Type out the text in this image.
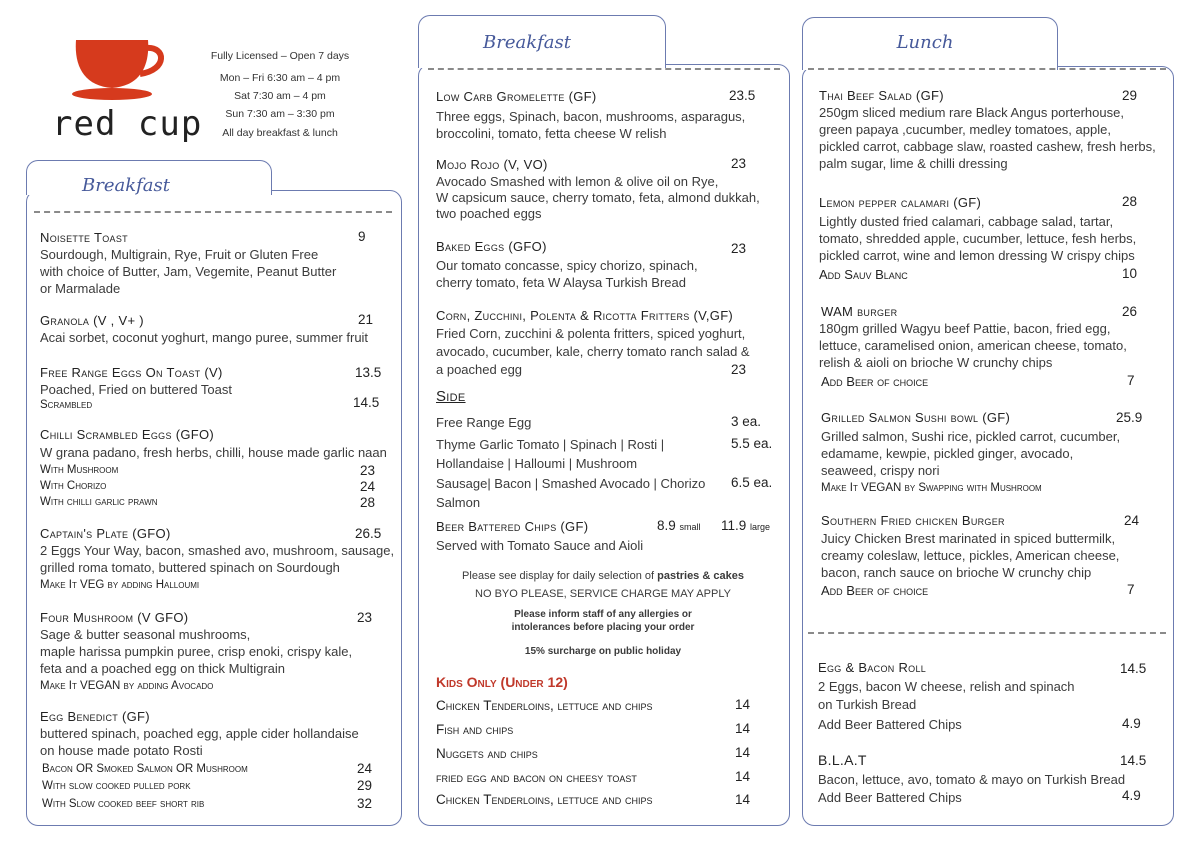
red cup
Fully Licensed – Open 7 days
Mon – Fri 6:30 am – 4 pm
Sat 7:30 am – 4 pm
Sun 7:30 am – 3:30 pm
All day breakfast & lunch
Breakfast
Noisette Toast	9
Sourdough, Multigrain, Rye, Fruit or Gluten Free
with choice of Butter, Jam, Vegemite, Peanut Butter
or Marmalade
Granola (V , V+ )	21
Acai sorbet, coconut yoghurt, mango puree, summer fruit
Free Range Eggs On Toast (V)	13.5
Poached, Fried on buttered Toast
Scrambled	14.5
Chilli Scrambled Eggs (GFO)
W grana padano, fresh herbs, chilli, house made garlic naan
With Mushroom	23
With Chorizo	24
With chilli garlic prawn	28
Captain's Plate (GFO)	26.5
2 Eggs Your Way, bacon, smashed avo, mushroom, sausage,
grilled roma tomato, buttered spinach on Sourdough
Make It VEG by adding Halloumi
Four Mushroom (V GFO)	23
Sage & butter seasonal mushrooms,
maple harissa pumpkin puree, crisp enoki, crispy kale,
feta and a poached egg on thick Multigrain
Make It VEGAN by adding Avocado
Egg Benedict (GF)
buttered spinach, poached egg, apple cider hollandaise
on house made potato Rosti
Bacon OR Smoked Salmon OR Mushroom	24
With slow cooked pulled pork	29
With Slow cooked beef short rib	32
Breakfast
Low Carb Gromelette (GF)	23.5
Three eggs, Spinach, bacon, mushrooms, asparagus,
broccolini, tomato, fetta cheese W relish
Mojo Rojo (V, VO)	23
Avocado Smashed with lemon & olive oil on Rye,
W capsicum sauce, cherry tomato, feta, almond dukkah,
two poached eggs
Baked Eggs (GFO)	23
Our tomato concasse, spicy chorizo, spinach,
cherry tomato, feta W Alaysa Turkish Bread
Corn, Zucchini, Polenta & Ricotta Fritters (V,GF)
Fried Corn, zucchini & polenta fritters, spiced yoghurt,
avocado, cucumber, kale, cherry tomato ranch salad &
a poached egg	23
Side
Free Range Egg	3 ea.
Thyme Garlic Tomato | Spinach | Rosti |	5.5 ea.
Hollandaise | Halloumi | Mushroom
Sausage| Bacon | Smashed Avocado | Chorizo 6.5 ea.
Salmon
Beer Battered Chips (GF)	8.9 small 11.9 large
Served with Tomato Sauce and Aioli
Please see display for daily selection of pastries & cakes
NO BYO PLEASE, SERVICE CHARGE MAY APPLY
Please inform staff of any allergies or
intolerances before placing your order
15% surcharge on public holiday
Kids Only (Under 12)
Chicken Tenderloins, lettuce and chips	14
Fish and chips	14
Nuggets and chips	14
fried egg and bacon on cheesy toast	14
Chicken Tenderloins, lettuce and chips	14
Lunch
Thai Beef Salad (GF)	29
250gm sliced medium rare Black Angus porterhouse,
green papaya ,cucumber, medley tomatoes, apple,
pickled carrot, cabbage slaw, roasted cashew, fresh herbs,
palm sugar, lime & chilli dressing
Lemon pepper calamari (GF)	28
Lightly dusted fried calamari, cabbage salad, tartar,
tomato, shredded apple, cucumber, lettuce, fesh herbs,
pickled carrot, wine and lemon dressing W crispy chips
Add Sauv Blanc	10
WAM burger	26
180gm grilled Wagyu beef Pattie, bacon, fried egg,
lettuce, caramelised onion, american cheese, tomato,
relish & aioli on brioche W crunchy chips
Add Beer of choice	7
Grilled Salmon Sushi bowl (GF)	25.9
Grilled salmon, Sushi rice, pickled carrot, cucumber,
edamame, kewpie, pickled ginger, avocado,
seaweed, crispy nori
Make It VEGAN by Swapping with Mushroom
Southern Fried chicken Burger	24
Juicy Chicken Brest marinated in spiced buttermilk,
creamy coleslaw, lettuce, pickles, American cheese,
bacon, ranch sauce on brioche W crunchy chip
Add Beer of choice	7
Egg & Bacon Roll	14.5
2 Eggs, bacon W cheese, relish and spinach
on Turkish Bread
Add Beer Battered Chips	4.9
B.L.A.T	14.5
Bacon, lettuce, avo, tomato & mayo on Turkish Bread
Add Beer Battered Chips	4.9
